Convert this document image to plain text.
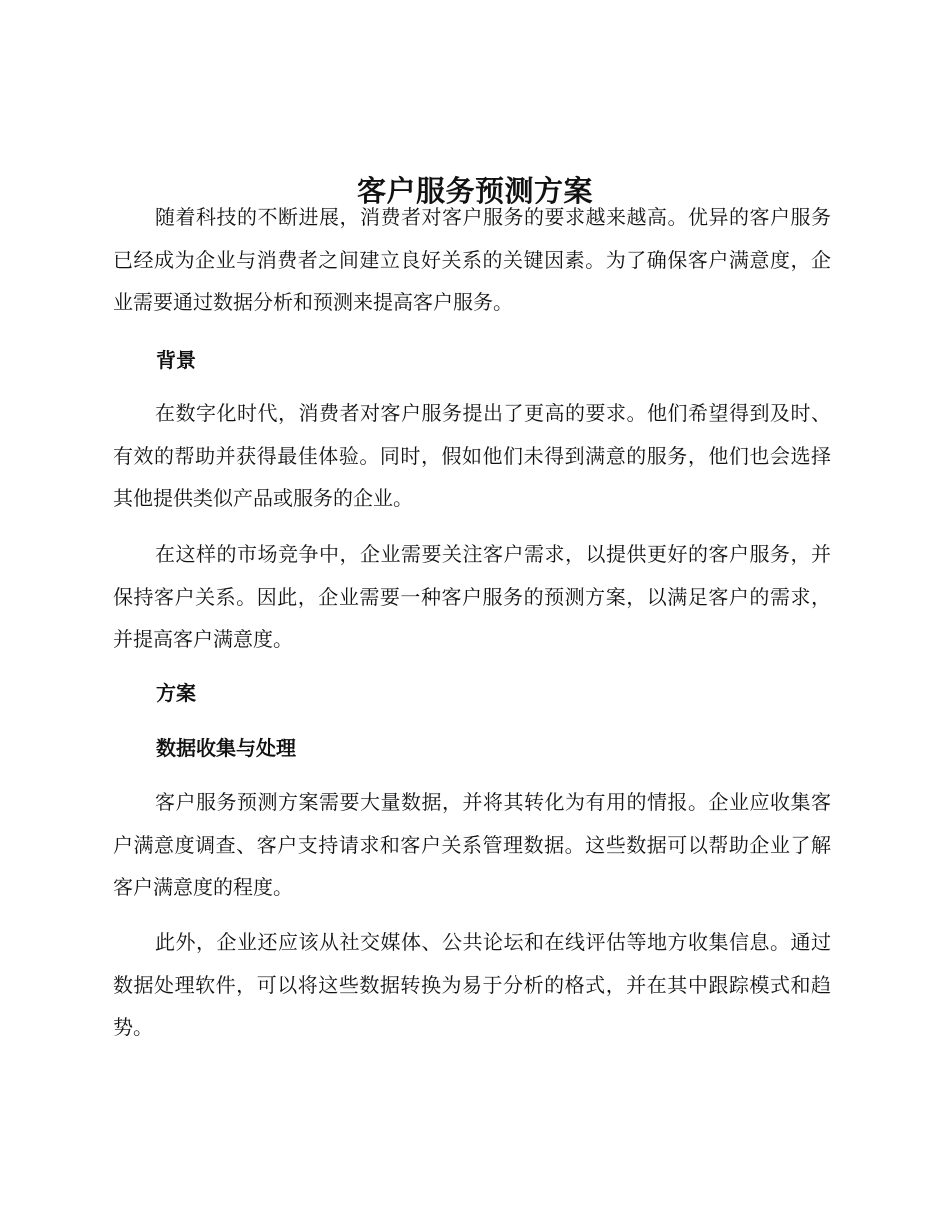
客户服务预测方案

随着科技的不断进展，消费者对客户服务的要求越来越高。优异的客户服务已经成为企业与消费者之间建立良好关系的关键因素。为了确保客户满意度，企业需要通过数据分析和预测来提高客户服务。

背景

在数字化时代，消费者对客户服务提出了更高的要求。他们希望得到及时、有效的帮助并获得最佳体验。同时，假如他们未得到满意的服务，他们也会选择其他提供类似产品或服务的企业。

在这样的市场竞争中，企业需要关注客户需求，以提供更好的客户服务，并保持客户关系。因此，企业需要一种客户服务的预测方案，以满足客户的需求，并提高客户满意度。

方案
数据收集与处理

客户服务预测方案需要大量数据，并将其转化为有用的情报。企业应收集客户满意度调查、客户支持请求和客户关系管理数据。这些数据可以帮助企业了解客户满意度的程度。

此外，企业还应该从社交媒体、公共论坛和在线评估等地方收集信息。通过数据处理软件，可以将这些数据转换为易于分析的格式，并在其中跟踪模式和趋势。
